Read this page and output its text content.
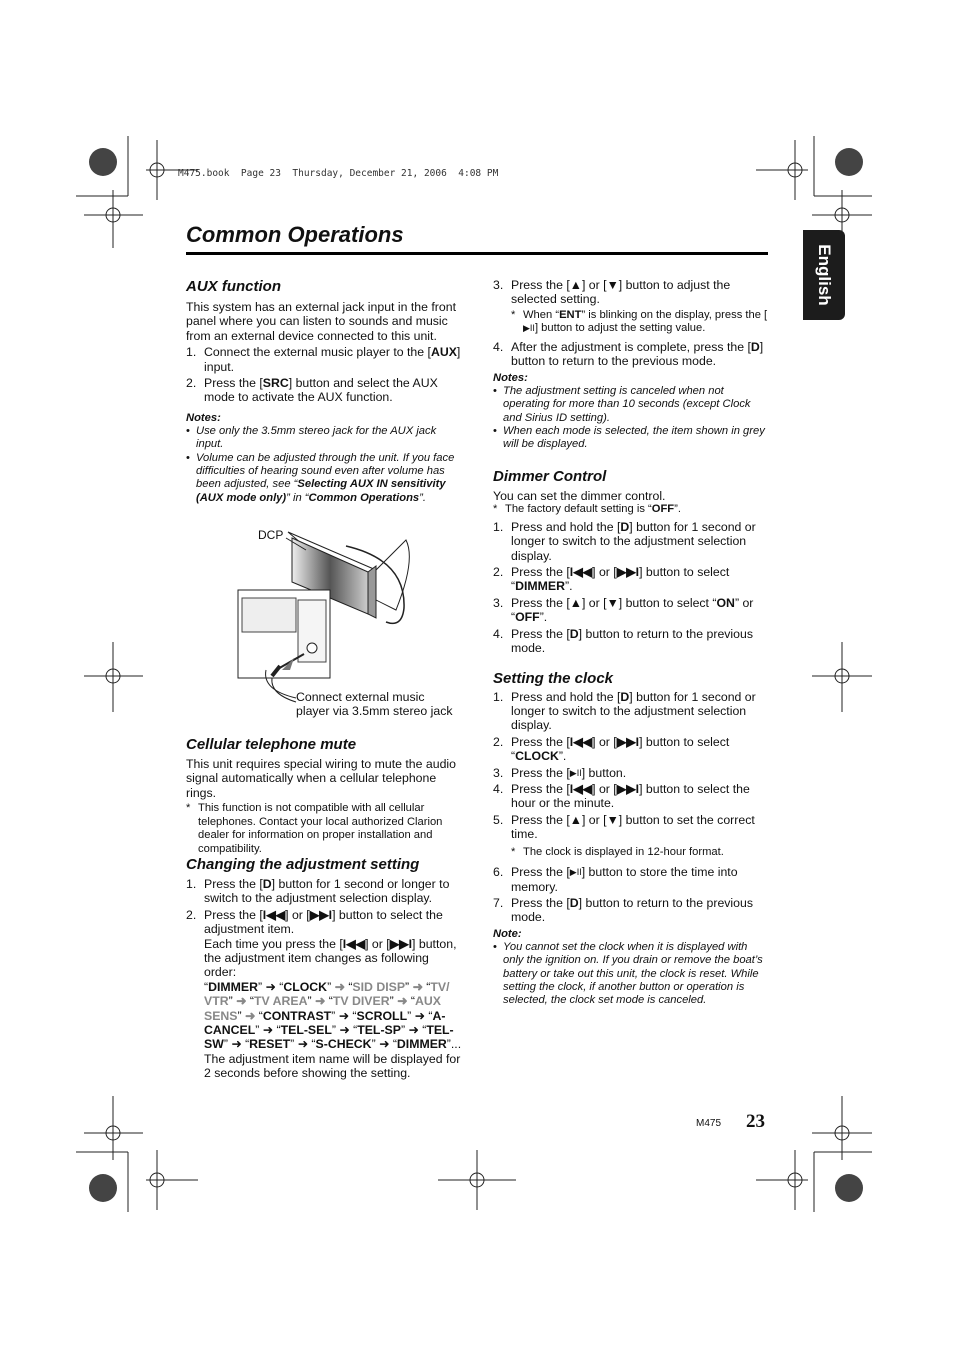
M475.book  Page 23  Thursday, December 21, 2006  4:08 PM
Common Operations
English
AUX function

This system has an external jack input in the front panel where you can listen to sounds and music from an external device connected to this unit.

1. Connect the external music player to the [AUX] input.
2. Press the [SRC] button and select the AUX mode to activate the AUX function.
Notes:
• Use only the 3.5mm stereo jack for the AUX jack input.
• Volume can be adjusted through the unit. If you face difficulties of hearing sound even after volume has been adjusted, see “Selecting AUX IN sensitivity (AUX mode only)” in “Common Operations”.
DCP
Connect external music
player via 3.5mm stereo jack
Cellular telephone mute

This unit requires special wiring to mute the audio signal automatically when a cellular telephone rings.

* This function is not compatible with all cellular telephones. Contact your local authorized Clarion dealer for information on proper installation and compatibility.
Changing the adjustment setting
1. Press the [D] button for 1 second or longer to switch to the adjustment selection display.
2. Press the [I◀◀] or [▶▶I] button to select the adjustment item.
Each time you press the [I◀◀] or [▶▶I] button, the adjustment item changes as following order:
“DIMMER” ➜ “CLOCK” ➜ “SID DISP” ➜ “TV/ VTR” ➜ “TV AREA” ➜ “TV DIVER” ➜ “AUX SENS” ➜ “CONTRAST” ➜ “SCROLL” ➜ “A-CANCEL” ➜ “TEL-SEL” ➜ “TEL-SP” ➜ “TEL-SW” ➜ “RESET” ➜ “S-CHECK” ➜ “DIMMER”...
The adjustment item name will be displayed for 2 seconds before showing the setting.
3. Press the [▲] or [▼] button to adjust the selected setting.
* When “ENT” is blinking on the display, press the [▶II] button to adjust the setting value.
4. After the adjustment is complete, press the [D] button to return to the previous mode.
Notes:
• The adjustment setting is canceled when not operating for more than 10 seconds (except Clock and Sirius ID setting).
• When each mode is selected, the item shown in grey will be displayed.
Dimmer Control

You can set the dimmer control.

* The factory default setting is “OFF”.
1. Press and hold the [D] button for 1 second or longer to switch to the adjustment selection display.
2. Press the [I◀◀] or [▶▶I] button to select “DIMMER”.
3. Press the [▲] or [▼] button to select “ON” or “OFF”.
4. Press the [D] button to return to the previous mode.
Setting the clock
1. Press and hold the [D] button for 1 second or longer to switch to the adjustment selection display.
2. Press the [I◀◀] or [▶▶I] button to select “CLOCK”.
3. Press the [▶II] button.
4. Press the [I◀◀] or [▶▶I] button to select the hour or the minute.
5. Press the [▲] or [▼] button to set the correct time.
* The clock is displayed in 12-hour format.
6. Press the [▶II] button to store the time into memory.
7. Press the [D] button to return to the previous mode.
Note:
• You cannot set the clock when it is displayed with only the ignition on. If you drain or remove the boat’s battery or take out this unit, the clock is reset. While setting the clock, if another button or operation is selected, the clock set mode is canceled.
M475 23
